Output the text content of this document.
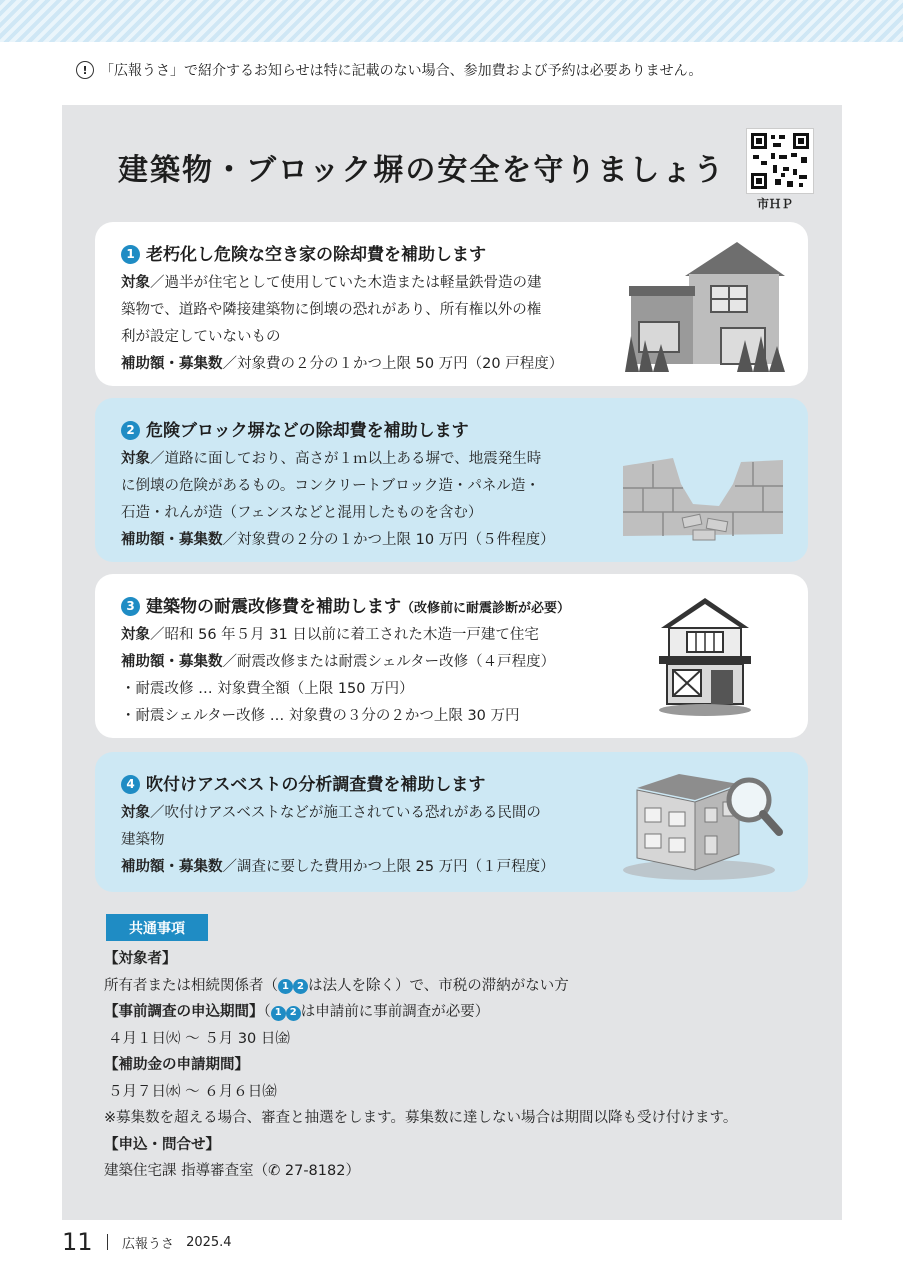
! 「広報うさ」で紹介するお知らせは特に記載のない場合、参加費および予約は必要ありません。
建築物・ブロック塀の安全を守りましょう
市ＨＰ
1 老朽化し危険な空き家の除却費を補助します
対象／過半が住宅として使用していた木造または軽量鉄骨造の建
築物で、道路や隣接建築物に倒壊の恐れがあり、所有権以外の権
利が設定していないもの
補助額・募集数／対象費の２分の１かつ上限 50 万円（20 戸程度）
2 危険ブロック塀などの除却費を補助します
対象／道路に面しており、高さが１ｍ以上ある塀で、地震発生時
に倒壊の危険があるもの。コンクリートブロック造・パネル造・
石造・れんが造（フェンスなどと混用したものを含む）
補助額・募集数／対象費の２分の１かつ上限 10 万円（５件程度）
3 建築物の耐震改修費を補助します（改修前に耐震診断が必要）
対象／昭和 56 年５月 31 日以前に着工された木造一戸建て住宅
補助額・募集数／耐震改修または耐震シェルター改修（４戸程度）
・耐震改修 … 対象費全額（上限 150 万円）
・耐震シェルター改修 … 対象費の３分の２かつ上限 30 万円
4 吹付けアスベストの分析調査費を補助します
対象／吹付けアスベストなどが施工されている恐れがある民間の
建築物
補助額・募集数／調査に要した費用かつ上限 25 万円（１戸程度）
共通事項
【対象者】
所有者または相続関係者（ 1 2 は法人を除く）で、市税の滞納がない方
【事前調査の申込期間】（ 1 2 は申請前に事前調査が必要）
４月１日㈫ ～ ５月 30 日㈮
【補助金の申請期間】
５月７日㈬ ～ ６月６日㈮
※募集数を超える場合、審査と抽選をします。募集数に達しない場合は期間以降も受け付けます。
【申込・問合せ】
建築住宅課 指導審査室（✆ 27-8182）
11 広報うさ 2025.4
